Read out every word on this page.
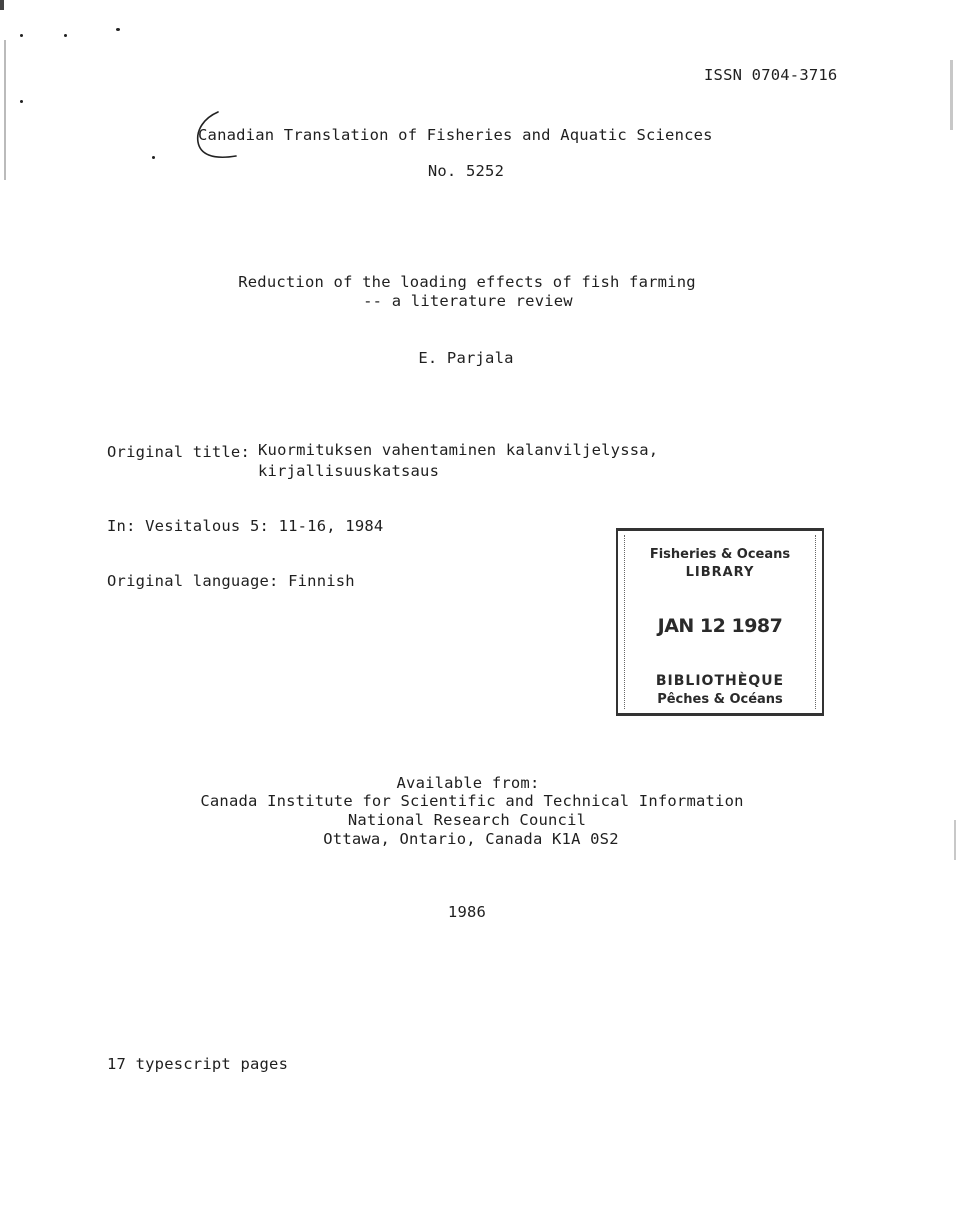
ISSN 0704-3716
Canadian Translation of Fisheries and Aquatic Sciences
No. 5252
Reduction of the loading effects of fish farming
-- a literature review
E. Parjala
Original title: Kuormituksen vahentaminen kalanviljelyssa,
kirjallisuuskatsaus
In: Vesitalous 5: 11-16, 1984
Original language: Finnish
Fisheries & Oceans
LIBRARY
JAN 12 1987
BIBLIOTHÈQUE
Pêches & Océans
Available from:
Canada Institute for Scientific and Technical Information
National Research Council
Ottawa, Ontario, Canada K1A 0S2
1986
17 typescript pages
